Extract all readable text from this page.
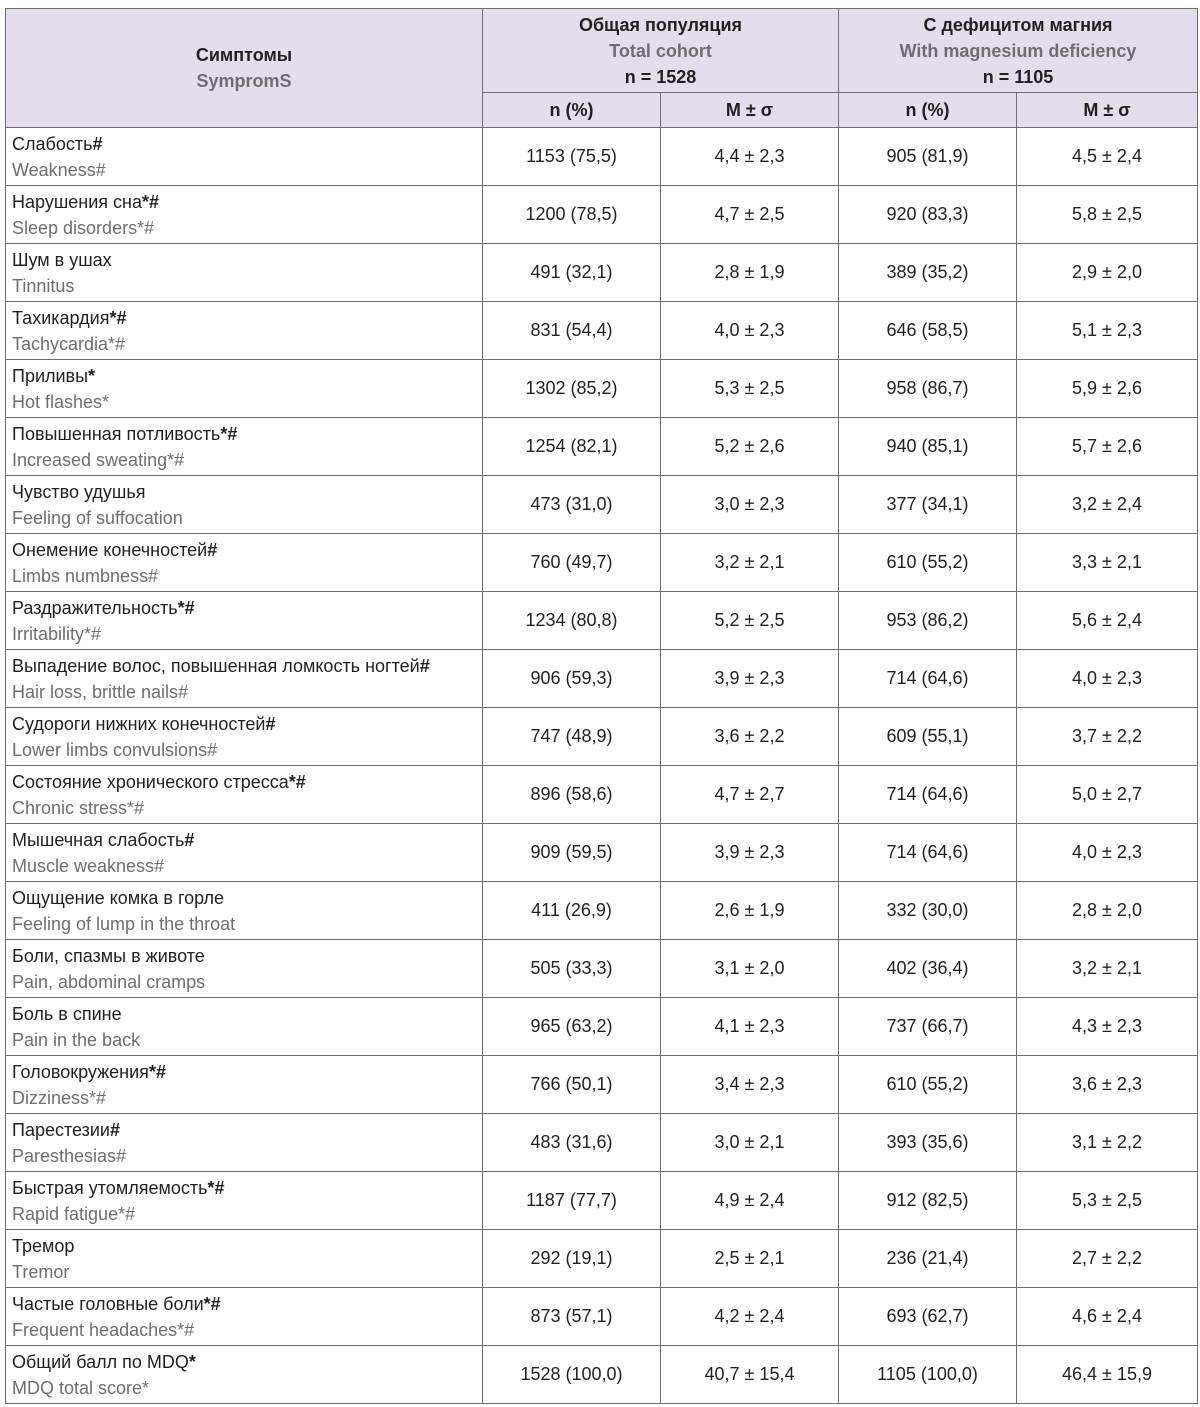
Симптомы
SympromS	Общая популяция
Total cohort
n = 1528		С дефицитом магния
With magnesium deficiency
n = 1105	

	n (%)	M ± σ	n (%)	M ± σ

Слабость#
Weakness#	1153 (75,5)	4,4 ± 2,3	905 (81,9)	4,5 ± 2,4

Нарушения сна*#
Sleep disorders*#	1200 (78,5)	4,7 ± 2,5	920 (83,3)	5,8 ± 2,5

Шум в ушах
Tinnitus	491 (32,1)	2,8 ± 1,9	389 (35,2)	2,9 ± 2,0

Тахикардия*#
Tachycardia*#	831 (54,4)	4,0 ± 2,3	646 (58,5)	5,1 ± 2,3

Приливы*
Hot flashes*	1302 (85,2)	5,3 ± 2,5	958 (86,7)	5,9 ± 2,6

Повышенная потливость*#
Increased sweating*#	1254 (82,1)	5,2 ± 2,6	940 (85,1)	5,7 ± 2,6

Чувство удушья
Feeling of suffocation	473 (31,0)	3,0 ± 2,3	377 (34,1)	3,2 ± 2,4

Онемение конечностей#
Limbs numbness#	760 (49,7)	3,2 ± 2,1	610 (55,2)	3,3 ± 2,1

Раздражительность*#
Irritability*#	1234 (80,8)	5,2 ± 2,5	953 (86,2)	5,6 ± 2,4

Выпадение волос, повышенная ломкость ногтей#
Hair loss, brittle nails#	906 (59,3)	3,9 ± 2,3	714 (64,6)	4,0 ± 2,3

Судороги нижних конечностей#
Lower limbs convulsions#	747 (48,9)	3,6 ± 2,2	609 (55,1)	3,7 ± 2,2

Состояние хронического стресса*#
Chronic stress*#	896 (58,6)	4,7 ± 2,7	714 (64,6)	5,0 ± 2,7

Мышечная слабость#
Muscle weakness#	909 (59,5)	3,9 ± 2,3	714 (64,6)	4,0 ± 2,3

Ощущение комка в горле
Feeling of lump in the throat	411 (26,9)	2,6 ± 1,9	332 (30,0)	2,8 ± 2,0

Боли, спазмы в животе
Pain, abdominal cramps	505 (33,3)	3,1 ± 2,0	402 (36,4)	3,2 ± 2,1

Боль в спине
Pain in the back	965 (63,2)	4,1 ± 2,3	737 (66,7)	4,3 ± 2,3

Головокружения*#
Dizziness*#	766 (50,1)	3,4 ± 2,3	610 (55,2)	3,6 ± 2,3

Парестезии#
Paresthesias#	483 (31,6)	3,0 ± 2,1	393 (35,6)	3,1 ± 2,2

Быстрая утомляемость*#
Rapid fatigue*#	1187 (77,7)	4,9 ± 2,4	912 (82,5)	5,3 ± 2,5

Тремор
Tremor	292 (19,1)	2,5 ± 2,1	236 (21,4)	2,7 ± 2,2

Частые головные боли*#
Frequent headaches*#	873 (57,1)	4,2 ± 2,4	693 (62,7)	4,6 ± 2,4

Общий балл по MDQ*
MDQ total score*	1528 (100,0)	40,7 ± 15,4	1105 (100,0)	46,4 ± 15,9
